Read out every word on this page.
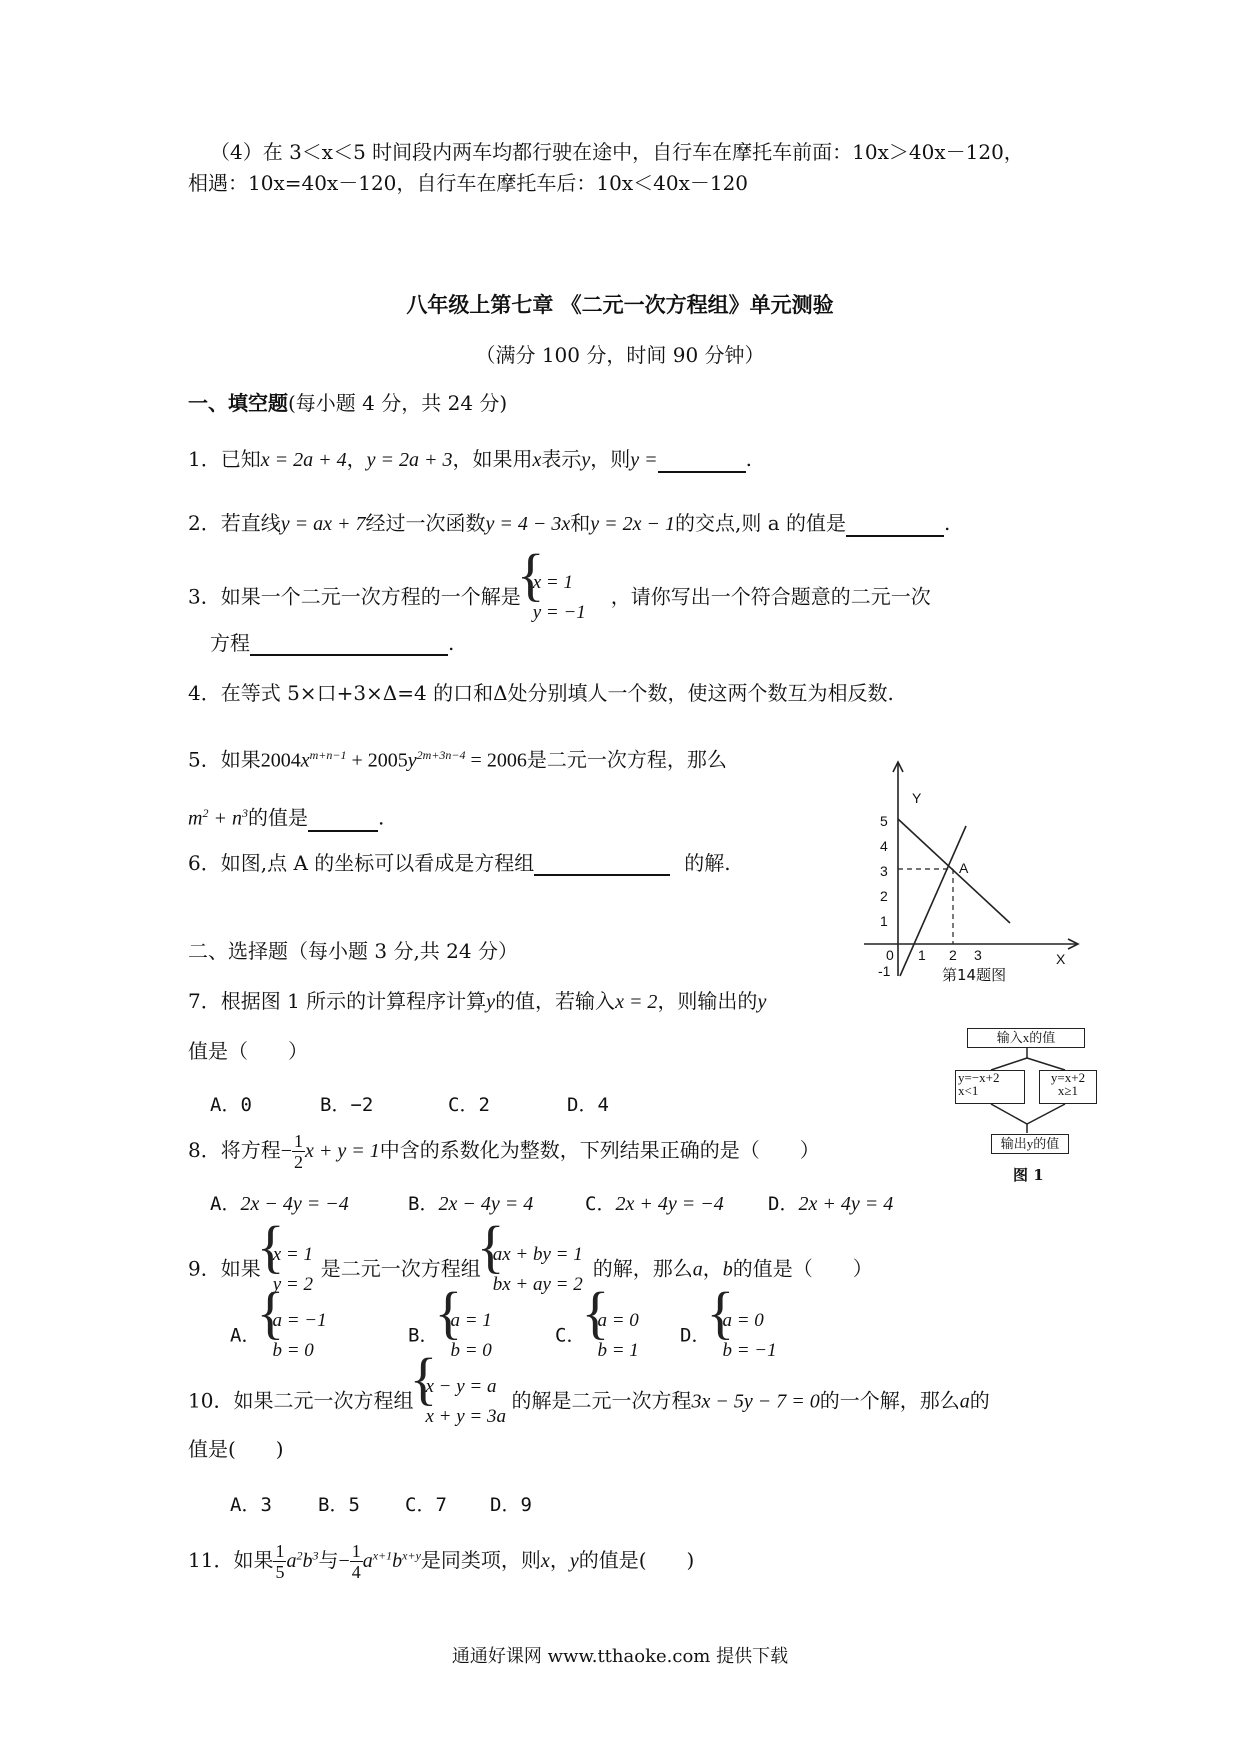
（4）在 3＜x＜5 时间段内两车均都行驶在途中，自行车在摩托车前面：10x＞40x－120，
相遇：10x=40x－120，自行车在摩托车后：10x＜40x－120
八年级上第七章 《二元一次方程组》单元测验
（满分 100 分，时间 90 分钟）
一、填空题(每小题 4 分，共 24 分)
1．已知x = 2a + 4，y = 2a + 3，如果用x表示y，则y =	.
2．若直线y = ax + 7经过一次函数y = 4 − 3x和y = 2x − 1的交点,则 a 的值是	.
3．如果一个二元一次方程的一个解是
{ x = 1
y = −1
，请你写出一个符合题意的二元一次
方程	.
4．在等式 5×口+3×Δ=4 的口和Δ处分别填人一个数，使这两个数互为相反数.
5．如果$2004x^{m+n-1} + 2005y^{2m+3n-4} = 2006$是二元一次方程，那么
$m^2 + n^3$的值是	.
6．如图,点 A 的坐标可以看成是方程组	的解.
Y
X
A
5
4
3
2
1
0
-1
1 2 3
第14题图
二、选择题（每小题 3 分,共 24 分）
7．根据图 1 所示的计算程序计算y的值，若输入x = 2，则输出的y
值是（　　）
A．0	B．−2	C．2	D．4
输入x的值
y=−x+2
x<1
y=x+2
x≥1
输出y的值
图 1
8．将方程− $\frac{1}{2}$ x + y = 1中含的系数化为整数，下列结果正确的是（　　）
A．2x − 4y = −4	B．2x − 4y = 4	C．2x + 4y = −4 D．2x + 4y = 4
9．如果
{ x = 1
y = 2
是二元一次方程组
{ ax + by = 1
bx + ay = 2
的解，那么a，b的值是（　　）
A．
{ a = −1
b = 0
B．
{ a = 1
b = 0
C．
{ a = 0
b = 1
D．
{ a = 0
b = −1
10．如果二元一次方程组
{ x − y = a
x + y = 3a
的解是二元一次方程3x − 5y − 7 = 0的一个解，那么a的
值是(　　)
A．3 B．5 C．7 D．9
11．如果 $\frac{1}{5} a^2b^3$与− $\frac{1}{4} a^{x+1}b^{x+y}$是同类项，则x，y的值是(　　)
通通好课网 www.tthaoke.com 提供下载
